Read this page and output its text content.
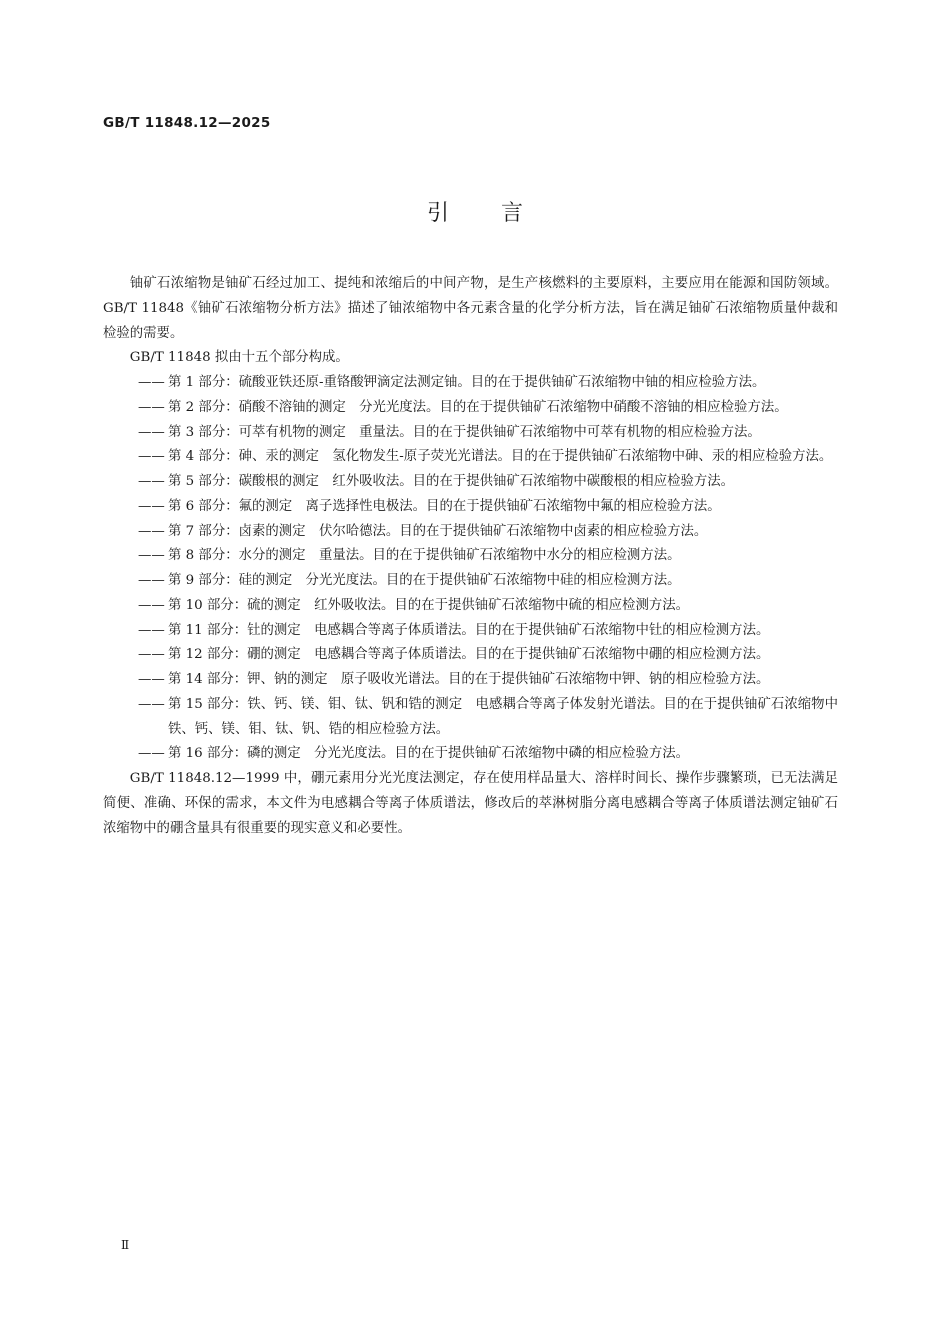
GB/T 11848.12—2025
引言

铀矿石浓缩物是铀矿石经过加工、提纯和浓缩后的中间产物，是生产核燃料的主要原料，主要应用在能源和国防领域。GB/T 11848《铀矿石浓缩物分析方法》描述了铀浓缩物中各元素含量的化学分析方法，旨在满足铀矿石浓缩物质量仲裁和检验的需要。

GB/T 11848 拟由十五个部分构成。

—— 第 1 部分：硫酸亚铁还原-重铬酸钾滴定法测定铀。目的在于提供铀矿石浓缩物中铀的相应检验方法。
—— 第 2 部分：硝酸不溶铀的测定　分光光度法。目的在于提供铀矿石浓缩物中硝酸不溶铀的相应检验方法。
—— 第 3 部分：可萃有机物的测定　重量法。目的在于提供铀矿石浓缩物中可萃有机物的相应检验方法。
—— 第 4 部分：砷、汞的测定　氢化物发生-原子荧光光谱法。目的在于提供铀矿石浓缩物中砷、汞的相应检验方法。
—— 第 5 部分：碳酸根的测定　红外吸收法。目的在于提供铀矿石浓缩物中碳酸根的相应检验方法。
—— 第 6 部分：氟的测定　离子选择性电极法。目的在于提供铀矿石浓缩物中氟的相应检验方法。
—— 第 7 部分：卤素的测定　伏尔哈德法。目的在于提供铀矿石浓缩物中卤素的相应检验方法。
—— 第 8 部分：水分的测定　重量法。目的在于提供铀矿石浓缩物中水分的相应检测方法。
—— 第 9 部分：硅的测定　分光光度法。目的在于提供铀矿石浓缩物中硅的相应检测方法。
—— 第 10 部分：硫的测定　红外吸收法。目的在于提供铀矿石浓缩物中硫的相应检测方法。
—— 第 11 部分：钍的测定　电感耦合等离子体质谱法。目的在于提供铀矿石浓缩物中钍的相应检测方法。
—— 第 12 部分：硼的测定　电感耦合等离子体质谱法。目的在于提供铀矿石浓缩物中硼的相应检测方法。
—— 第 14 部分：钾、钠的测定　原子吸收光谱法。目的在于提供铀矿石浓缩物中钾、钠的相应检验方法。
—— 第 15 部分：铁、钙、镁、钼、钛、钒和锆的测定　电感耦合等离子体发射光谱法。目的在于提供铀矿石浓缩物中铁、钙、镁、钼、钛、钒、锆的相应检验方法。
—— 第 16 部分：磷的测定　分光光度法。目的在于提供铀矿石浓缩物中磷的相应检验方法。

GB/T 11848.12—1999 中，硼元素用分光光度法测定，存在使用样品量大、溶样时间长、操作步骤繁琐，已无法满足简便、准确、环保的需求，本文件为电感耦合等离子体质谱法，修改后的萃淋树脂分离电感耦合等离子体质谱法测定铀矿石浓缩物中的硼含量具有很重要的现实意义和必要性。

Ⅱ
